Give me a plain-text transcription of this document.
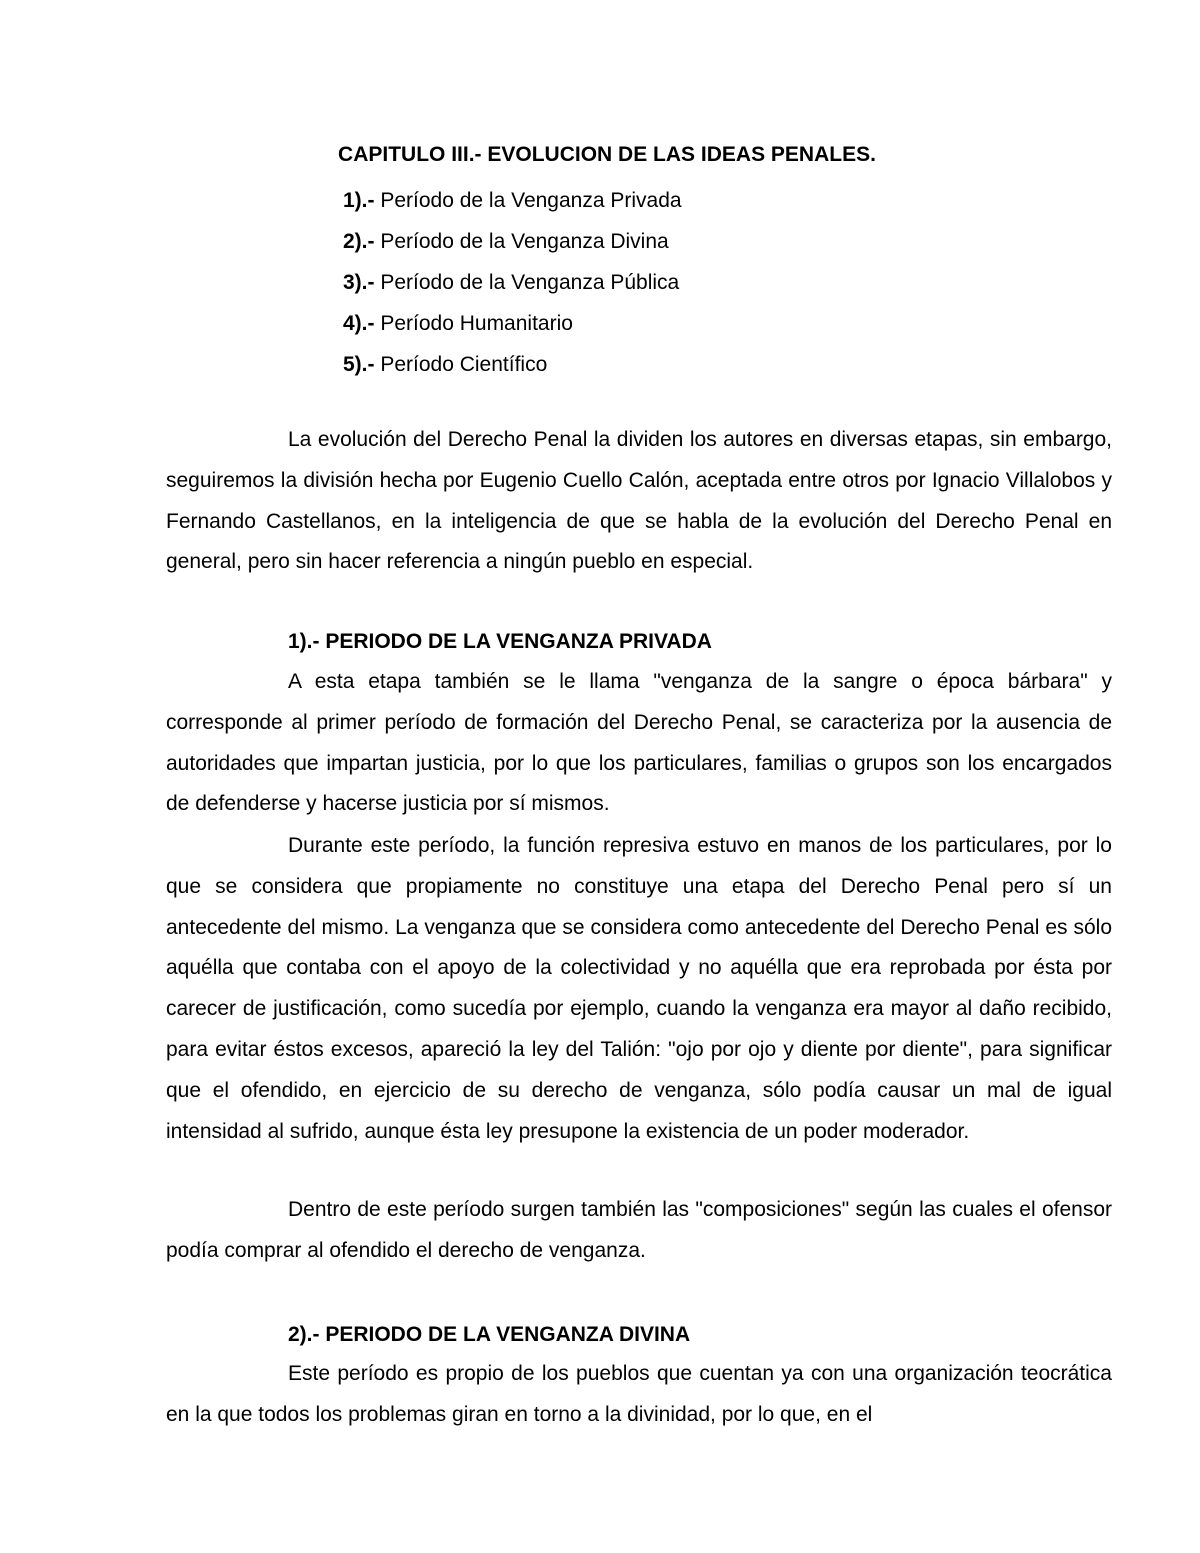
CAPITULO III.- EVOLUCION DE LAS IDEAS PENALES.
1).- Período de la Venganza Privada
2).- Período de la Venganza Divina
3).- Período de la Venganza Pública
4).- Período Humanitario
5).- Período Científico

La evolución del Derecho Penal la dividen los autores en diversas etapas, sin embargo, seguiremos la división hecha por Eugenio Cuello Calón, aceptada entre otros por Ignacio Villalobos y Fernando Castellanos, en la inteligencia de que se habla de la evolución del Derecho Penal en general, pero sin hacer referencia a ningún pueblo en especial.

1).- PERIODO DE LA VENGANZA PRIVADA

A esta etapa también se le llama "venganza de la sangre o época bárbara" y corresponde al primer período de formación del Derecho Penal, se caracteriza por la ausencia de autoridades que impartan justicia, por lo que los particulares, familias o grupos son los encargados de defenderse y hacerse justicia por sí mismos.

Durante este período, la función represiva estuvo en manos de los particulares, por lo que se considera que propiamente no constituye una etapa del Derecho Penal pero sí un antecedente del mismo. La venganza que se considera como antecedente del Derecho Penal es sólo aquélla que contaba con el apoyo de la colectividad y no aquélla que era reprobada por ésta por carecer de justificación, como sucedía por ejemplo, cuando la venganza era mayor al daño recibido, para evitar éstos excesos, apareció la ley del Talión: "ojo por ojo y diente por diente", para significar que el ofendido, en ejercicio de su derecho de venganza, sólo podía causar un mal de igual intensidad al sufrido, aunque ésta ley presupone la existencia de un poder moderador.

Dentro de este período surgen también las "composiciones" según las cuales el ofensor podía comprar al ofendido el derecho de venganza.

2).- PERIODO DE LA VENGANZA DIVINA

Este período es propio de los pueblos que cuentan ya con una organización teocrática en la que todos los problemas giran en torno a la divinidad, por lo que, en el
